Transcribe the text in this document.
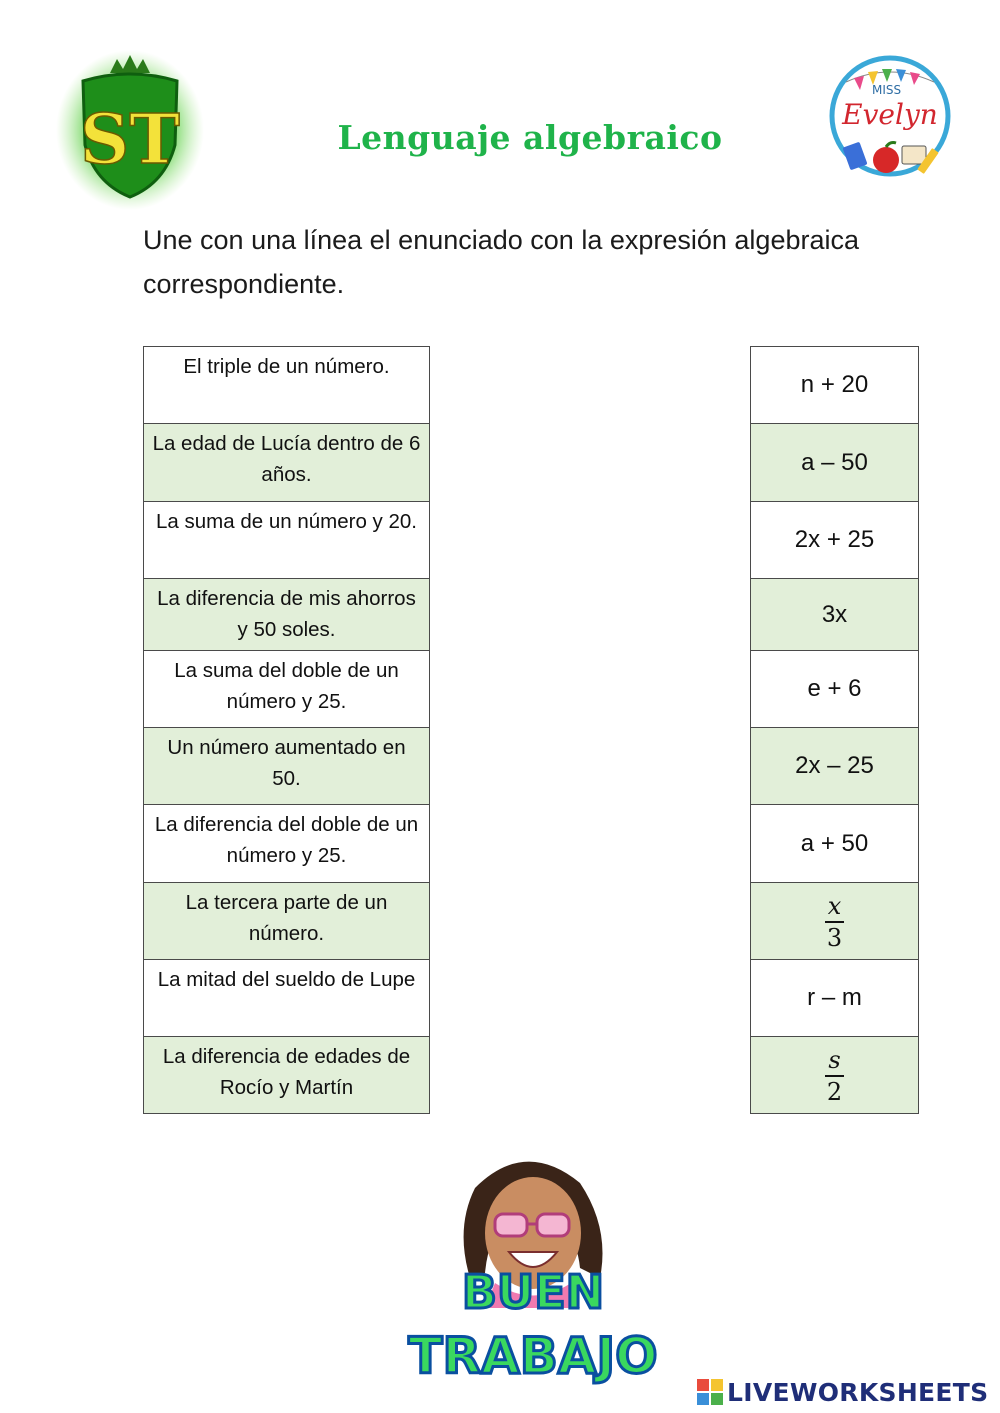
ST
MISS
Evelyn
Lenguaje algebraico
Une con una línea el enunciado con la expresión algebraica correspondiente.
El triple de un número.
La edad de Lucía dentro de 6 años.
La suma de un número y 20.
La diferencia de mis ahorros y 50 soles.
La suma del doble de un número y 25.
Un número aumentado en 50.
La diferencia del doble de un número y 25.
La tercera parte de un número.
La mitad del sueldo de Lupe
La diferencia de edades de Rocío y Martín
n + 20
a – 50
2x + 25
3x
e + 6
2x – 25
a + 50

$\frac{x}{3}$

r – m

$\frac{s}{2}$
BUEN
TRABAJO
LIVEWORKSHEETS
